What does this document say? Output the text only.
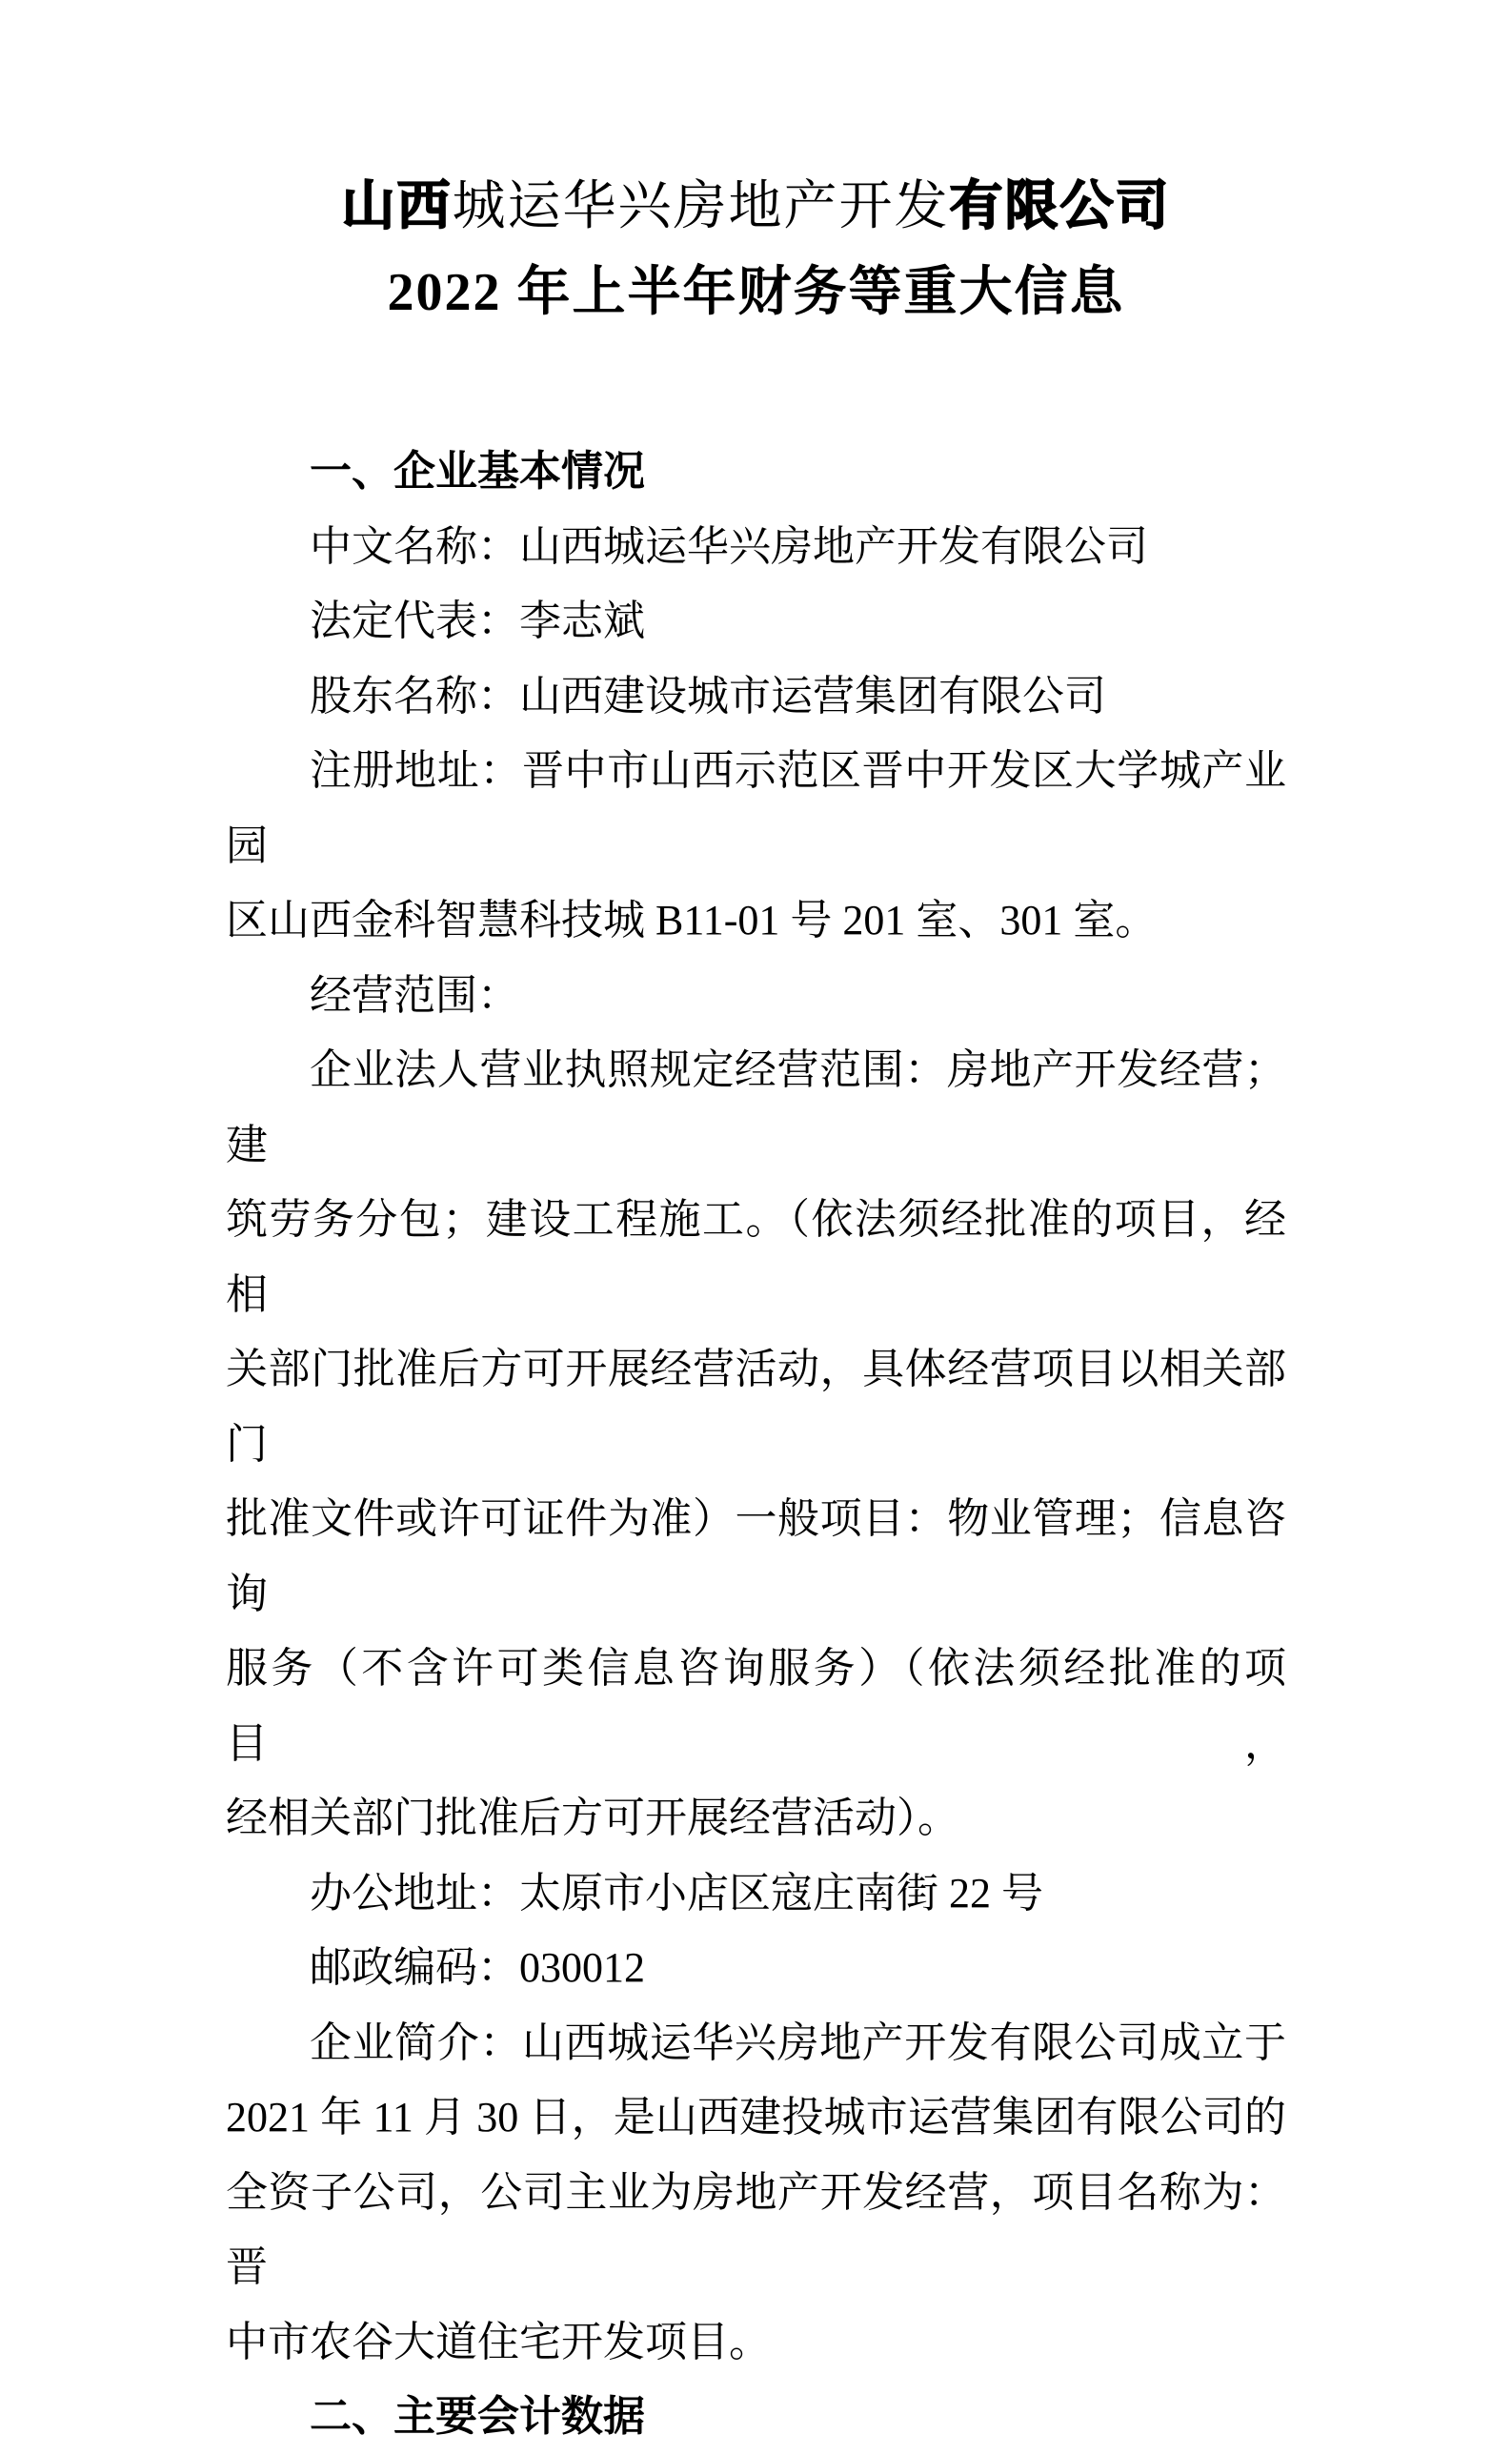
山西城运华兴房地产开发有限公司
2022 年上半年财务等重大信息
一、企业基本情况
中文名称：山西城运华兴房地产开发有限公司
法定代表：李志斌
股东名称：山西建设城市运营集团有限公司
注册地址：晋中市山西示范区晋中开发区大学城产业园
区山西金科智慧科技城 B11-01 号 201 室、301 室。
经营范围：
企业法人营业执照规定经营范围：房地产开发经营；建
筑劳务分包；建设工程施工。（依法须经批准的项目，经相
关部门批准后方可开展经营活动，具体经营项目以相关部门
批准文件或许可证件为准）一般项目：物业管理；信息咨询
服务（不含许可类信息咨询服务）（依法须经批准的项目，
经相关部门批准后方可开展经营活动）。
办公地址：太原市小店区寇庄南街 22 号
邮政编码：030012
企业简介：山西城运华兴房地产开发有限公司成立于
2021 年 11 月 30 日，是山西建投城市运营集团有限公司的
全资子公司，公司主业为房地产开发经营，项目名称为：晋
中市农谷大道住宅开发项目。
二、主要会计数据
